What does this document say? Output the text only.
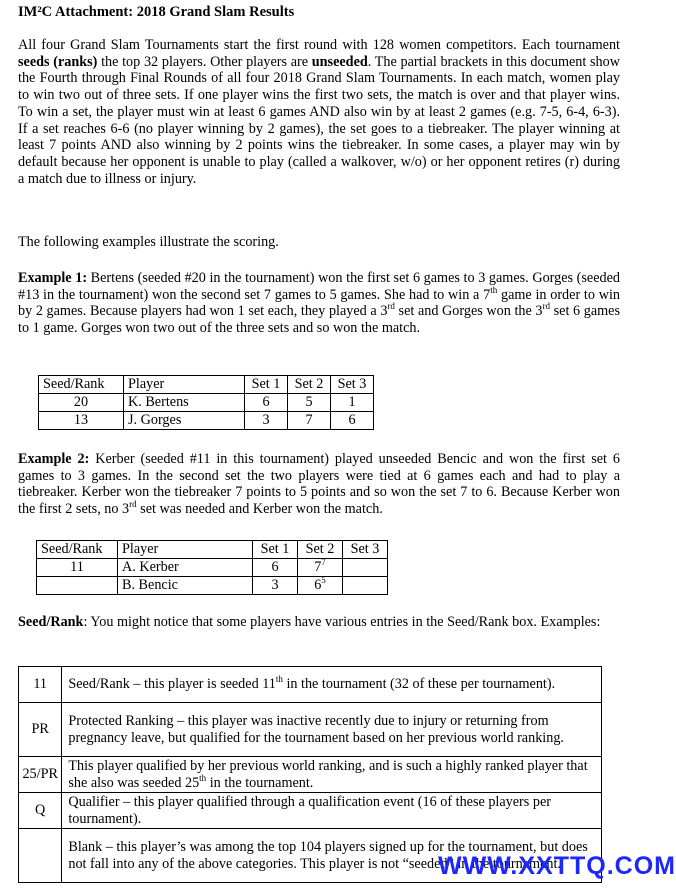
IM²C Attachment: 2018 Grand Slam Results
All four Grand Slam Tournaments start the first round with 128 women competitors. Each tournament seeds (ranks) the top 32 players. Other players are unseeded. The partial brackets in this document show the Fourth through Final Rounds of all four 2018 Grand Slam Tournaments. In each match, women play to win two out of three sets. If one player wins the first two sets, the match is over and that player wins. To win a set, the player must win at least 6 games AND also win by at least 2 games (e.g. 7-5, 6-4, 6-3). If a set reaches 6-6 (no player winning by 2 games), the set goes to a tiebreaker. The player winning at least 7 points AND also winning by 2 points wins the tiebreaker. In some cases, a player may win by default because her opponent is unable to play (called a walkover, w/o) or her opponent retires (r) during a match due to illness or injury.
The following examples illustrate the scoring.
Example 1: Bertens (seeded #20 in the tournament) won the first set 6 games to 3 games. Gorges (seeded #13 in the tournament) won the second set 7 games to 5 games. She had to win a 7th game in order to win by 2 games. Because players had won 1 set each, they played a 3rd set and Gorges won the 3rd set 6 games to 1 game. Gorges won two out of the three sets and so won the match.
Seed/Rank	Player	Set 1	Set 2	Set 3
20	K. Bertens	6	5	1
13	J. Gorges	3	7	6
Example 2: Kerber (seeded #11 in this tournament) played unseeded Bencic and won the first set 6 games to 3 games. In the second set the two players were tied at 6 games each and had to play a tiebreaker. Kerber won the tiebreaker 7 points to 5 points and so won the set 7 to 6. Because Kerber won the first 2 sets, no 3rd set was needed and Kerber won the match.
Seed/Rank	Player	Set 1	Set 2	Set 3
11	A. Kerber	6	$7^7$	
	B. Bencic	3	$6^5$	
Seed/Rank: You might notice that some players have various entries in the Seed/Rank box. Examples:
11	Seed/Rank – this player is seeded 11th in the tournament (32 of these per tournament).
PR	Protected Ranking – this player was inactive recently due to injury or returning from pregnancy leave, but qualified for the tournament based on her previous world ranking.
25/PR	This player qualified by her previous world ranking, and is such a highly ranked player that she also was seeded 25th in the tournament.
Q	Qualifier – this player qualified through a qualification event (16 of these players per tournament).
	Blank – this player’s was among the top 104 players signed up for the tournament, but does not fall into any of the above categories. This player is not “seeded” in the tournament.
WWW.XXTTQ.COM
